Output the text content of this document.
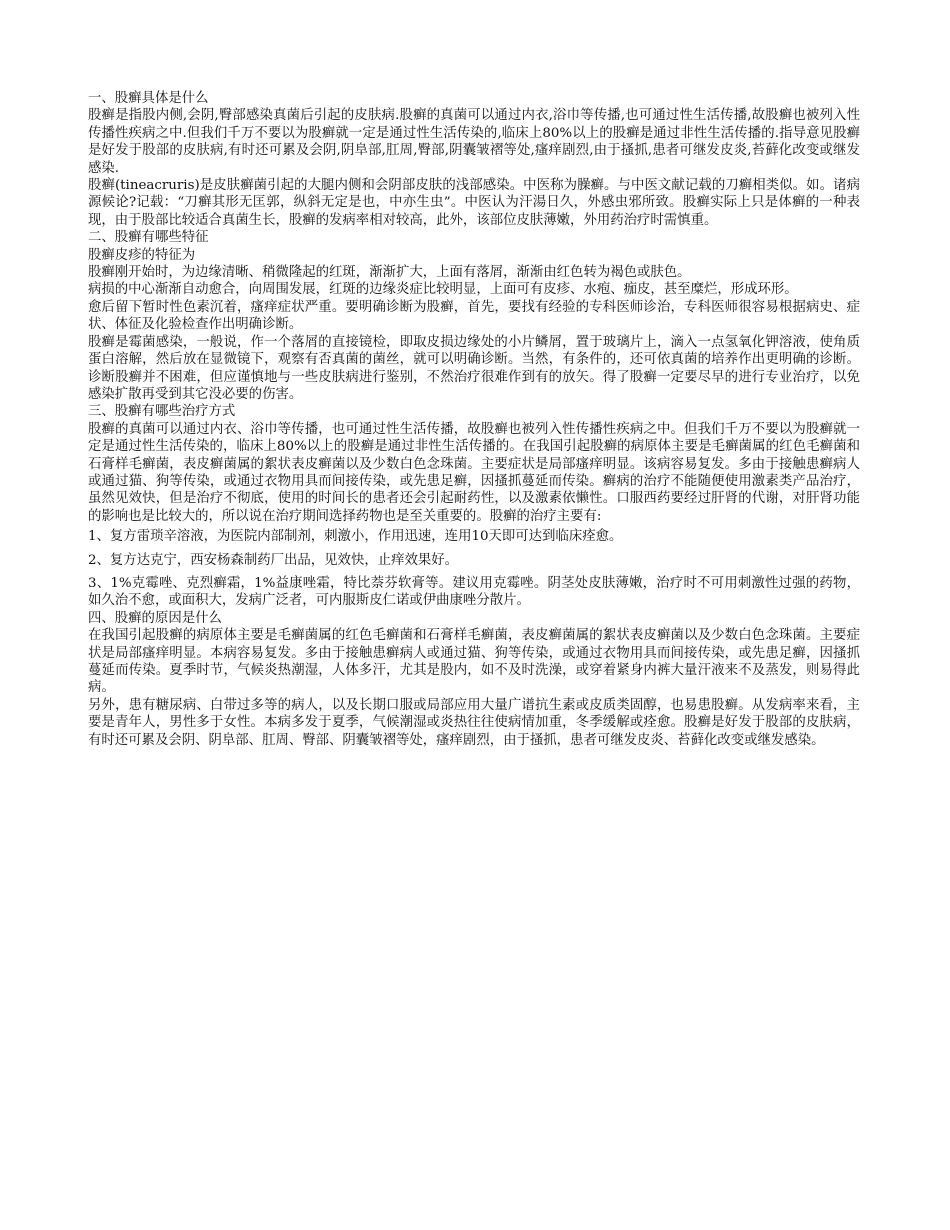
一、股癣具体是什么

股癣是指股内侧,会阴,臀部感染真菌后引起的皮肤病.股癣的真菌可以通过内衣,浴巾等传播,也可通过性生活传播,故股癣也被列入性传播性疾病之中.但我们千万不要以为股癣就一定是通过性生活传染的,临床上80%以上的股癣是通过非性生活传播的.指导意见股癣是好发于股部的皮肤病,有时还可累及会阴,阴阜部,肛周,臀部,阴囊皱褶等处,瘙痒剧烈,由于搔抓,患者可继发皮炎,苔藓化改变或继发感染.

股癣(tineacruris)是皮肤癣菌引起的大腿内侧和会阴部皮肤的浅部感染。中医称为臊癣。与中医文献记载的刀癣相类似。如。诸病源候论?记载：“刀癣其形无匡郭，纵斜无定是也，中亦生虫”。中医认为汗湯日久，外感虫邪所致。股癣实际上只是体癣的一种表现，由于股部比较适合真菌生长，股癣的发病率相对较高，此外，该部位皮肤薄嫩，外用药治疗时需慎重。

二、股癣有哪些特征

股癣皮疹的特征为

股癣刚开始时，为边缘清晰、稍微隆起的红斑，渐渐扩大，上面有落屑，渐渐由红色转为褐色或肤色。

病损的中心渐渐自动愈合，向周围发展，红斑的边缘炎症比较明显，上面可有皮疹、水疱、痂皮，甚至糜烂，形成环形。

愈后留下暂时性色素沉着，瘙痒症状严重。要明确诊断为股癣，首先，要找有经验的专科医师诊治，专科医师很容易根据病史、症状、体征及化验检查作出明确诊断。

股癣是霉菌感染，一般说，作一个落屑的直接镜检，即取皮损边缘处的小片鳞屑，置于玻璃片上，滴入一点氢氧化钾溶液，使角质蛋白溶解，然后放在显微镜下，观察有否真菌的菌丝，就可以明确诊断。当然，有条件的，还可依真菌的培养作出更明确的诊断。诊断股癣并不困难，但应谨慎地与一些皮肤病进行鉴别，不然治疗很难作到有的放矢。得了股癣一定要尽早的进行专业治疗，以免感染扩散再受到其它没必要的伤害。

三、股癣有哪些治疗方式

股癣的真菌可以通过内衣、浴巾等传播，也可通过性生活传播，故股癣也被列入性传播性疾病之中。但我们千万不要以为股癣就一定是通过性生活传染的，临床上80%以上的股癣是通过非性生活传播的。在我国引起股癣的病原体主要是毛癣菌属的红色毛癣菌和石膏样毛癣菌，表皮癣菌属的絮状表皮癣菌以及少数白色念珠菌。主要症状是局部瘙痒明显。该病容易复发。多由于接触患癣病人或通过猫、狗等传染，或通过衣物用具而间接传染，或先患足癣，因搔抓蔓延而传染。癣病的治疗不能随便使用激素类产品治疗，虽然见效快，但是治疗不彻底，使用的时间长的患者还会引起耐药性，以及激素依懒性。口服西药要经过肝肾的代谢，对肝肾功能的影响也是比较大的，所以说在治疗期间选择药物也是至关重要的。股癣的治疗主要有:

1、复方雷琐辛溶液，为医院内部制剂，刺激小，作用迅速，连用10天即可达到临床痊愈。

2、复方达克宁，西安杨森制药厂出品，见效快，止痒效果好。

3、1%克霉唑、克烈癣霜，1%益康唑霜，特比萘芬软膏等。建议用克霉唑。阴茎处皮肤薄嫩，治疗时不可用刺激性过强的药物，如久治不愈，或面积大，发病广泛者，可内服斯皮仁诺或伊曲康唑分散片。

四、股癣的原因是什么

在我国引起股癣的病原体主要是毛癣菌属的红色毛癣菌和石膏样毛癣菌，表皮癣菌属的絮状表皮癣菌以及少数白色念珠菌。主要症状是局部瘙痒明显。本病容易复发。多由于接触患癣病人或通过猫、狗等传染，或通过衣物用具而间接传染，或先患足癣，因搔抓蔓延而传染。夏季时节，气候炎热潮湿，人体多汗，尤其是股内，如不及时洗澡，或穿着紧身内裤大量汗液来不及蒸发，则易得此病。

另外，患有糖尿病、白带过多等的病人，以及长期口服或局部应用大量广谱抗生素或皮质类固醇，也易患股癣。从发病率来看，主要是青年人，男性多于女性。本病多发于夏季，气候潮湿或炎热往往使病情加重，冬季缓解或痊愈。股癣是好发于股部的皮肤病，有时还可累及会阴、阴阜部、肛周、臀部、阴囊皱褶等处，瘙痒剧烈，由于搔抓，患者可继发皮炎、苔藓化改变或继发感染。
